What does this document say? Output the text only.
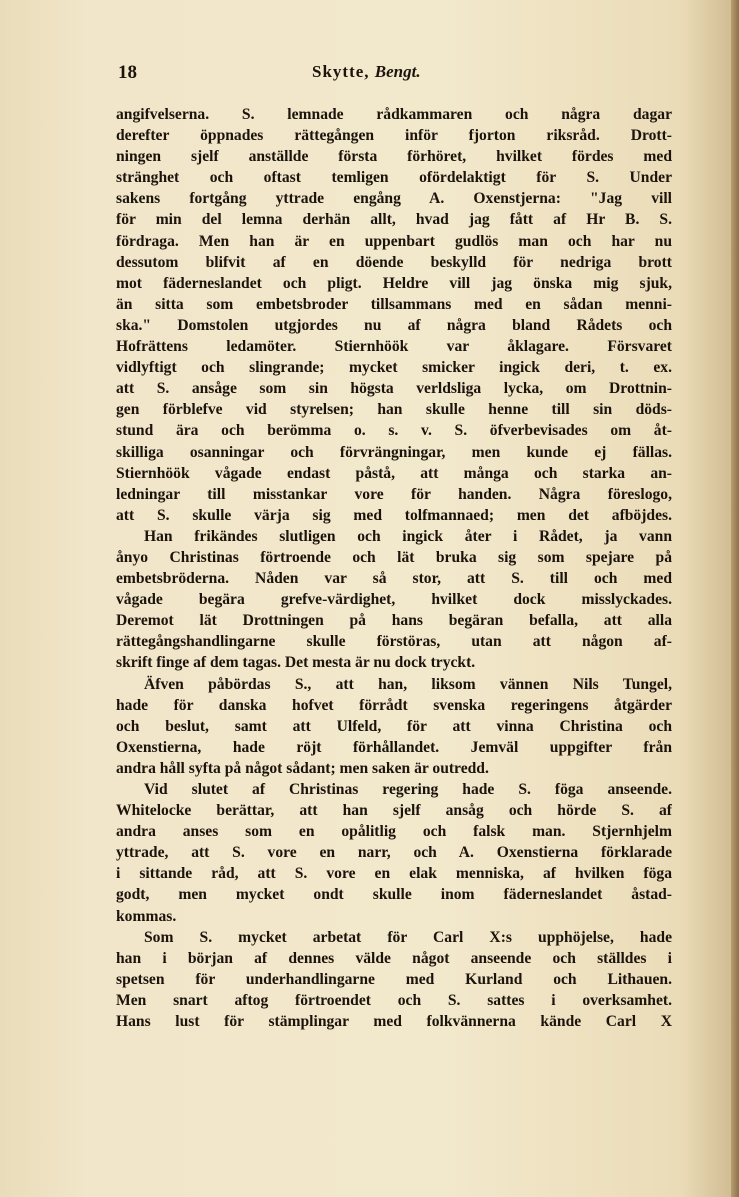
18	Skytte, Bengt.
angifvelserna. S. lemnade rådkammaren och några dagar
derefter öppnades rättegången inför fjorton riksråd. Drott-
ningen sjelf anställde första förhöret, hvilket fördes med
stränghet och oftast temligen ofördelaktigt för S. Under
sakens fortgång yttrade engång A. Oxenstjerna: "Jag vill
för min del lemna derhän allt, hvad jag fått af Hr B. S.
fördraga. Men han är en uppenbart gudlös man och har nu
dessutom blifvit af en döende beskylld för nedriga brott
mot fäderneslandet och pligt. Heldre vill jag önska mig sjuk,
än sitta som embetsbroder tillsammans med en sådan menni-
ska." Domstolen utgjordes nu af några bland Rådets och
Hofrättens ledamöter. Stiernhöök var åklagare. Försvaret
vidlyftigt och slingrande; mycket smicker ingick deri, t. ex.
att S. ansåge som sin högsta verldsliga lycka, om Drottnin-
gen förblefve vid styrelsen; han skulle henne till sin döds-
stund ära och berömma o. s. v. S. öfverbevisades om åt-
skilliga osanningar och förvrängningar, men kunde ej fällas.
Stiernhöök vågade endast påstå, att många och starka an-
ledningar till misstankar vore för handen. Några föreslogo,
att S. skulle värja sig med tolfmannaed; men det afböjdes.
Han frikändes slutligen och ingick åter i Rådet, ja vann
ånyo Christinas förtroende och lät bruka sig som spejare på
embetsbröderna. Nåden var så stor, att S. till och med
vågade begära grefve-värdighet, hvilket dock misslyckades.
Deremot lät Drottningen på hans begäran befalla, att alla
rättegångshandlingarne skulle förstöras, utan att någon af-
skrift finge af dem tagas. Det mesta är nu dock tryckt.
Äfven påbördas S., att han, liksom vännen Nils Tungel,
hade för danska hofvet förrådt svenska regeringens åtgärder
och beslut, samt att Ulfeld, för att vinna Christina och
Oxenstierna, hade röjt förhållandet. Jemväl uppgifter från
andra håll syfta på något sådant; men saken är outredd.
Vid slutet af Christinas regering hade S. föga anseende.
Whitelocke berättar, att han sjelf ansåg och hörde S. af
andra anses som en opålitlig och falsk man. Stjernhjelm
yttrade, att S. vore en narr, och A. Oxenstierna förklarade
i sittande råd, att S. vore en elak menniska, af hvilken föga
godt, men mycket ondt skulle inom fäderneslandet åstad-
kommas.
Som S. mycket arbetat för Carl X:s upphöjelse, hade
han i början af dennes välde något anseende och ställdes i
spetsen för underhandlingarne med Kurland och Lithauen.
Men snart aftog förtroendet och S. sattes i overksamhet.
Hans lust för stämplingar med folkvännerna kände Carl X
